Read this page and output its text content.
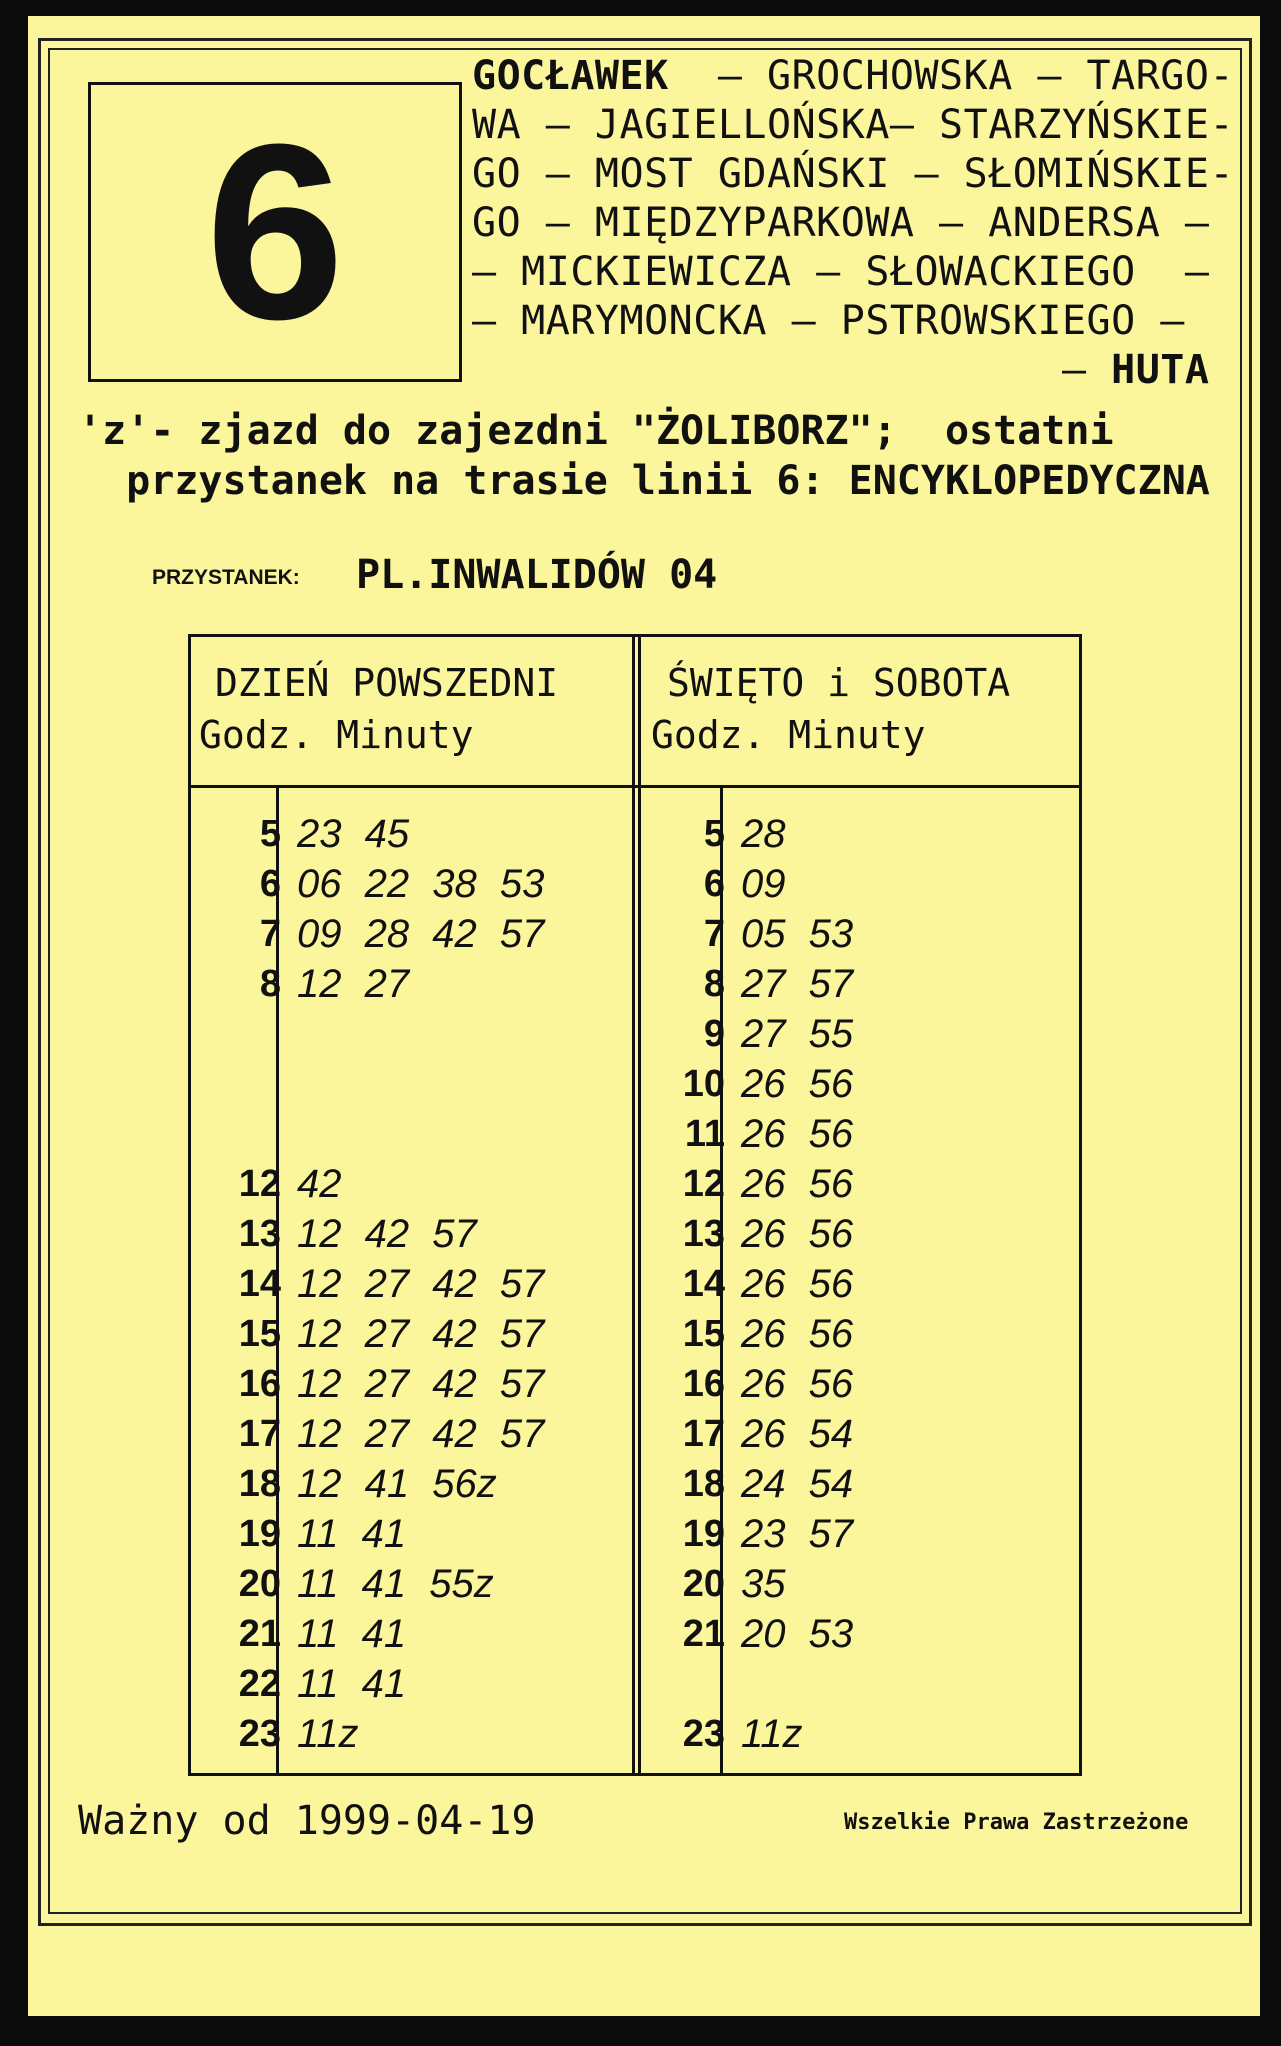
6
GOCŁAWEK  – GROCHOWSKA – TARGO-
WA – JAGIELLOŃSKA– STARZYŃSKIE-
GO – MOST GDAŃSKI – SŁOMIŃSKIE-
GO – MIĘDZYPARKOWA – ANDERSA –
– MICKIEWICZA – SŁOWACKIEGO  –
– MARYMONCKA – PSTROWSKIEGO –
– HUTA
'z'- zjazd do zajezdni "ŻOLIBORZ";  ostatni
przystanek na trasie linii 6: ENCYKLOPEDYCZNA
PRZYSTANEK: PL.INWALIDÓW 04
DZIEŃ POWSZEDNI
Godz. Minuty
ŚWIĘTO i SOBOTA
Godz. Minuty
5 23 45
6 06 22 38 53
7 09 28 42 57
8 12 27
12 42
13 12 42 57
14 12 27 42 57
15 12 27 42 57
16 12 27 42 57
17 12 27 42 57
18 12 41 56z
19 11 41
20 11 41 55z
21 11 41
22 11 41
23 11z
5 28
6 09
7 05 53
8 27 57
9 27 55
10 26 56
11 26 56
12 26 56
13 26 56
14 26 56
15 26 56
16 26 56
17 26 54
18 24 54
19 23 57
20 35
21 20 53
23 11z
Ważny od 1999-04-19	Wszelkie Prawa Zastrzeżone
